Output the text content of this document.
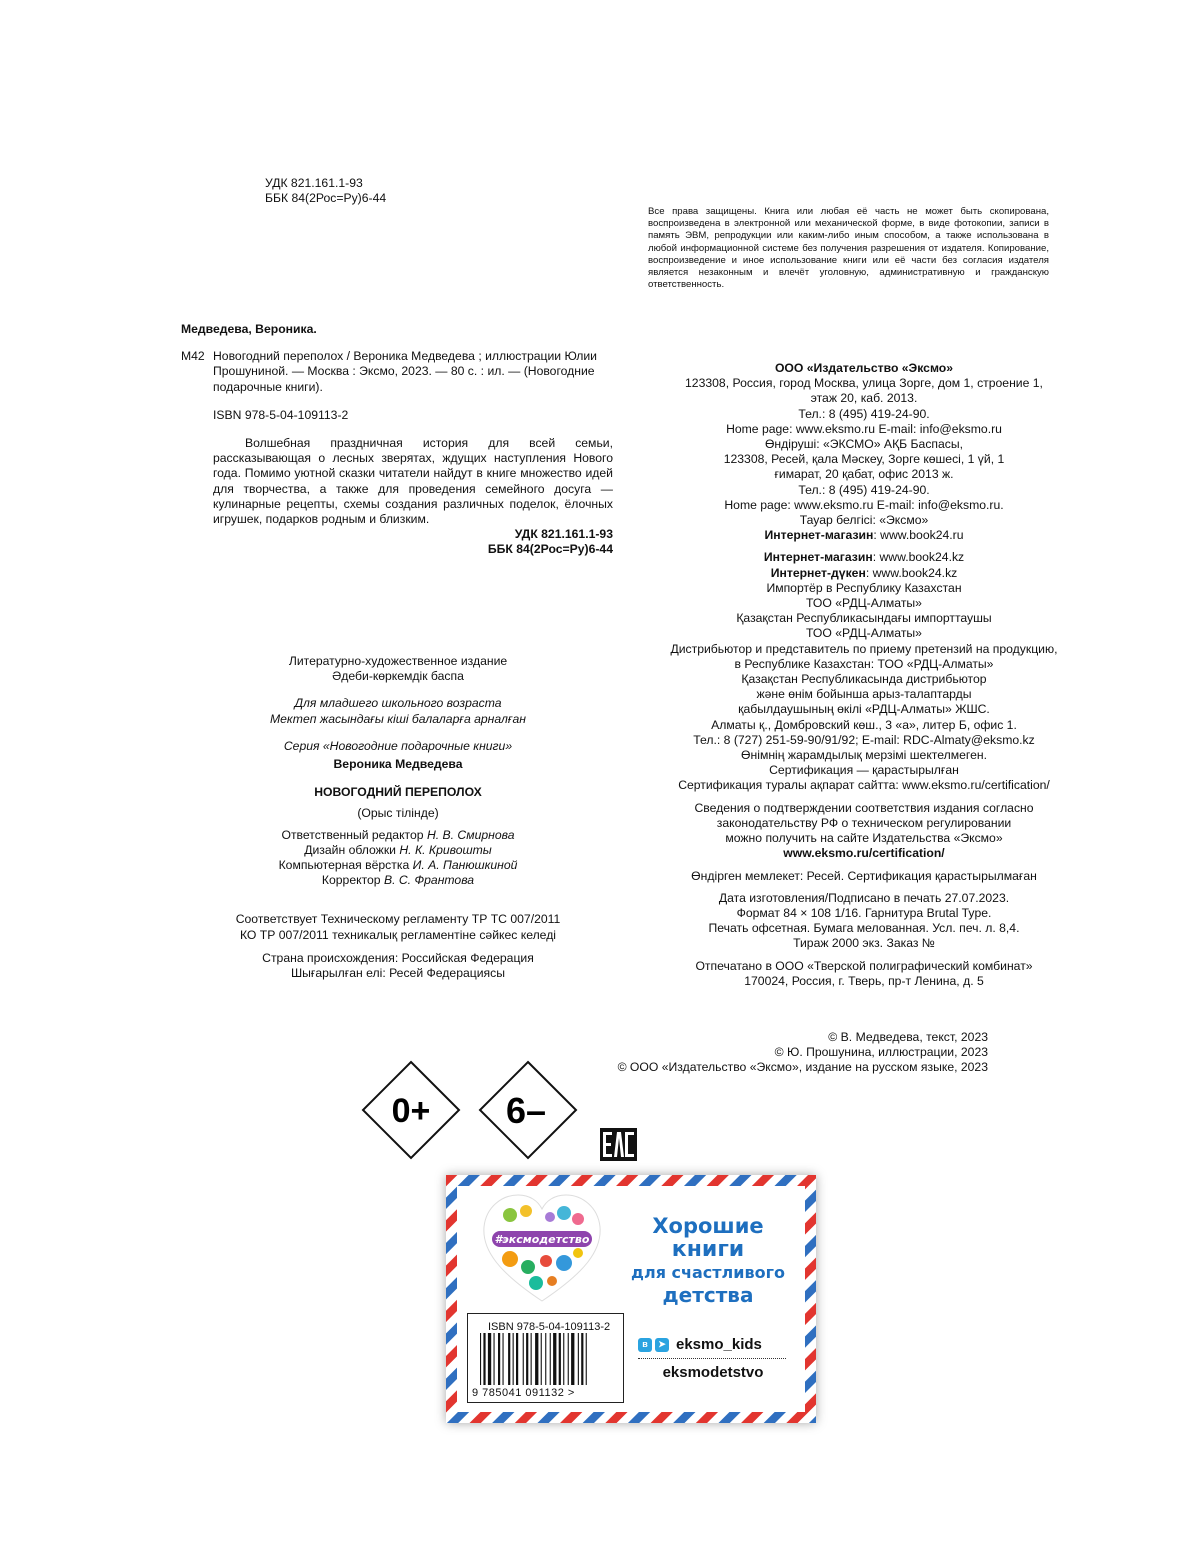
УДК 821.161.1-93
ББК 84(2Рос=Ру)6-44
Все права защищены. Книга или любая её часть не может быть скопирована, воспроизведена в электронной или механической форме, в виде фотокопии, записи в память ЭВМ, репродукции или каким-либо иным способом, а также использована в любой информационной системе без получения разрешения от издателя. Копирование, воспроизведение и иное использование книги или её части без согласия издателя является незаконным и влечёт уголовную, административную и гражданскую ответственность.
Медведева, Вероника.
М42 Новогодний переполох / Вероника Медведева ; иллюстрации Юлии Прошуниной. — Москва : Эксмо, 2023. — 80 с. : ил. — (Новогодние подарочные книги).
ISBN 978-5-04-109113-2
Волшебная праздничная история для всей семьи, рассказывающая о лесных зверятах, ждущих наступления Нового года. Помимо уютной сказки читатели найдут в книге множество идей для творчества, а также для проведения семейного досуга — кулинарные рецепты, схемы создания различных поделок, ёлочных игрушек, подарков родным и близким.
УДК 821.161.1-93
ББК 84(2Рос=Ру)6-44
Литературно-художественное издание
Әдеби-көркемдік баспа
Для младшего школьного возраста
Мектеп жасындағы кіші балаларға арналған
Серия «Новогодние подарочные книги»
Вероника Медведева
НОВОГОДНИЙ ПЕРЕПОЛОХ
(Орыс тілінде)
Ответственный редактор Н. В. Смирнова
Дизайн обложки Н. К. Кривошты
Компьютерная вёрстка И. А. Панюшкиной
Корректор В. С. Франтова
Соответствует Техническому регламенту ТР ТС 007/2011
КО ТР 007/2011 техникалық регламентіне сәйкес келеді
Страна происхождения: Российская Федерация
Шығарылған елі: Ресей Федерациясы
ООО «Издательство «Эксмо»
123308, Россия, город Москва, улица Зорге, дом 1, строение 1,
этаж 20, каб. 2013.
Тел.: 8 (495) 419-24-90.
Home page: www.eksmo.ru E-mail: info@eksmo.ru
Өндіруші: «ЭКСМО» АҚБ Баспасы,
123308, Ресей, қала Мәскеу, Зорге көшесі, 1 үй, 1
ғимарат, 20 қабат, офис 2013 ж.
Тел.: 8 (495) 419-24-90.
Home page: www.eksmo.ru E-mail: info@eksmo.ru.
Тауар белгісі: «Эксмо»
Интернет-магазин: www.book24.ru
Интернет-магазин: www.book24.kz
Интернет-дүкен: www.book24.kz
Импортёр в Республику Казахстан
ТОО «РДЦ-Алматы»
Қазақстан Республикасындағы импорттаушы
ТОО «РДЦ-Алматы»
Дистрибьютор и представитель по приему претензий на продукцию,
в Республике Казахстан: ТОО «РДЦ-Алматы»
Қазақстан Республикасында дистрибьютор
және өнім бойынша арыз-талаптарды
қабылдаушының өкілі «РДЦ-Алматы» ЖШС.
Алматы қ., Домбровский көш., 3 «а», литер Б, офис 1.
Тел.: 8 (727) 251-59-90/91/92; E-mail: RDC-Almaty@eksmo.kz
Өнімнің жарамдылық мерзімі шектелмеген.
Сертификация — қарастырылған
Сертификация туралы ақпарат сайтта: www.eksmo.ru/certification/
Сведения о подтверждении соответствия издания согласно
законодательству РФ о техническом регулировании
можно получить на сайте Издательства «Эксмо»
www.eksmo.ru/certification/
Өндірген мемлекет: Ресей. Сертификация қарастырылмаған
Дата изготовления/Подписано в печать 27.07.2023.
Формат 84 × 108 1/16. Гарнитура Brutal Type.
Печать офсетная. Бумага мелованная. Усл. печ. л. 8,4.
Тираж 2000 экз. Заказ №
Отпечатано в ООО «Тверской полиграфический комбинат»
170024, Россия, г. Тверь, пр-т Ленина, д. 5
© В. Медведева, текст, 2023
© Ю. Прошунина, иллюстрации, 2023
© ООО «Издательство «Эксмо», издание на русском языке, 2023
0+ 6–
#эксмодетство
Хорошие
книги
для счастливого
детства
ISBN 978-5-04-109113-2
9 785041 091132 >
в	➤ eksmo_kids
eksmodetstvo
